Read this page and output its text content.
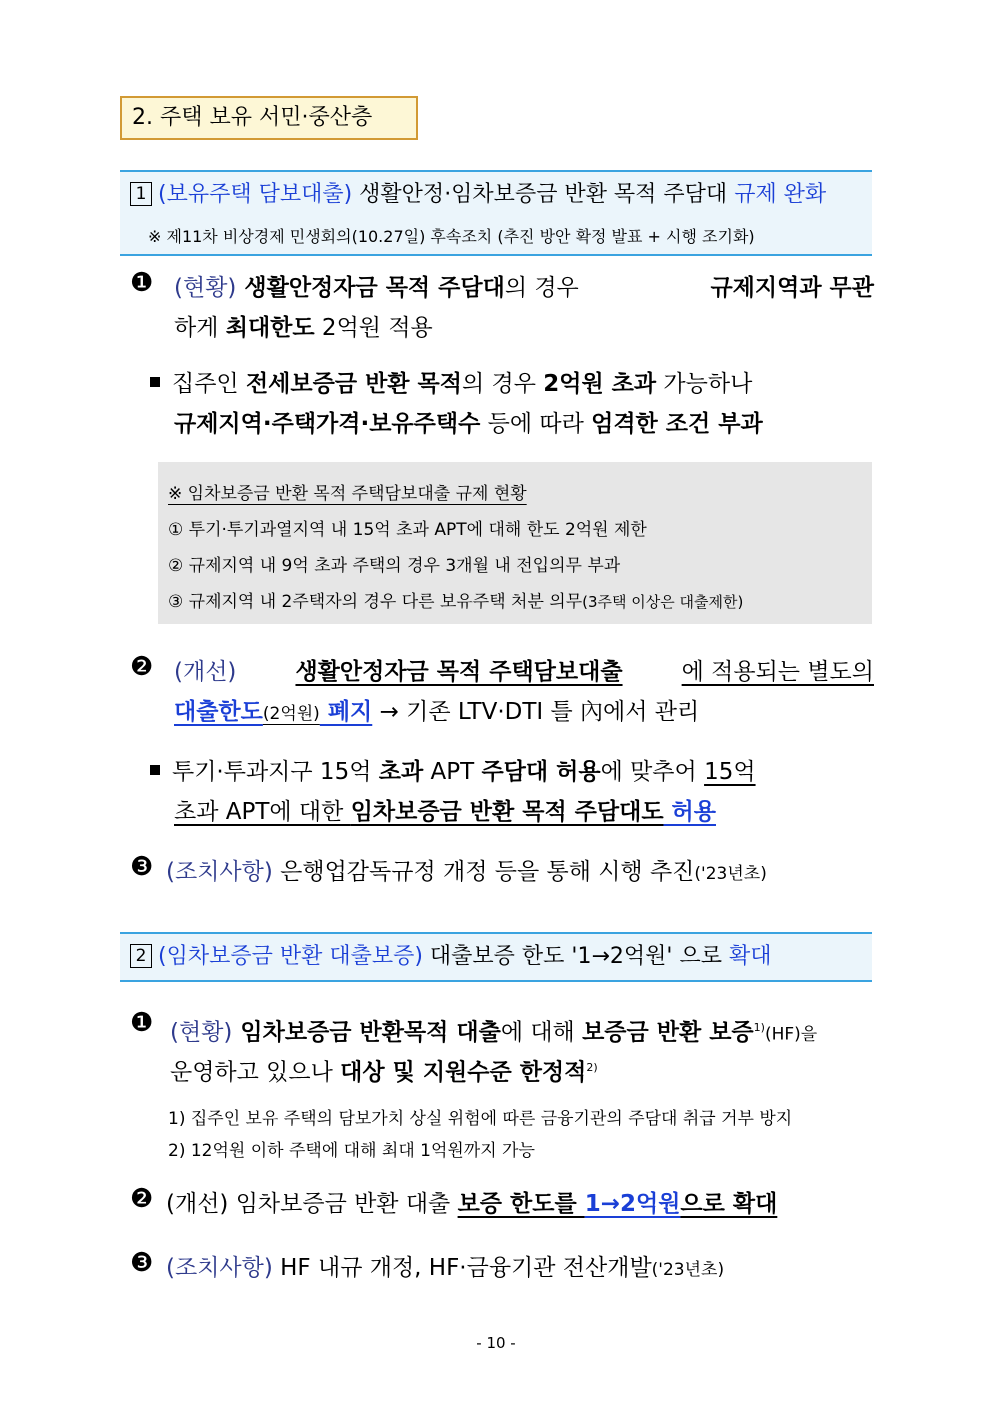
2. 주택 보유 서민·중산층
1 (보유주택 담보대출) 생활안정·임차보증금 반환 목적 주담대 규제 완화
※ 제11차 비상경제 민생회의(10.27일) 후속조치 (추진 방안 확정 발표 + 시행 조기화)
❶ (현황) 생활안정자금 목적 주담대의 경우	규제지역과 무관
하게 최대한도 2억원 적용
집주인 전세보증금 반환 목적의 경우 2억원 초과 가능하나
규제지역·주택가격·보유주택수 등에 따라 엄격한 조건 부과
※ 임차보증금 반환 목적 주택담보대출 규제 현황
① 투기·투기과열지역 내 15억 초과 APT에 대해 한도 2억원 제한
② 규제지역 내 9억 초과 주택의 경우 3개월 내 전입의무 부과
③ 규제지역 내 2주택자의 경우 다른 보유주택 처분 의무(3주택 이상은 대출제한)
❷ (개선)	생활안정자금 목적 주택담보대출	에 적용되는 별도의
대출한도(2억원) 폐지 → 기존 LTV·DTI 틀 內에서 관리
투기·투과지구 15억 초과 APT 주담대 허용에 맞추어 15억
초과 APT에 대한 임차보증금 반환 목적 주담대도 허용
❸ (조치사항) 은행업감독규정 개정 등을 통해 시행 추진('23년초)
2 (임차보증금 반환 대출보증) 대출보증 한도 '1→2억원' 으로 확대
❶ (현황) 임차보증금 반환목적 대출에 대해 보증금 반환 보증$^{1)}$(HF)을
운영하고 있으나 대상 및 지원수준 한정적$^{2)}$
1) 집주인 보유 주택의 담보가치 상실 위험에 따른 금융기관의 주담대 취급 거부 방지
2) 12억원 이하 주택에 대해 최대 1억원까지 가능
❷ (개선) 임차보증금 반환 대출 보증 한도를 1→2억원으로 확대
❸ (조치사항) HF 내규 개정, HF·금융기관 전산개발('23년초)
- 10 -
